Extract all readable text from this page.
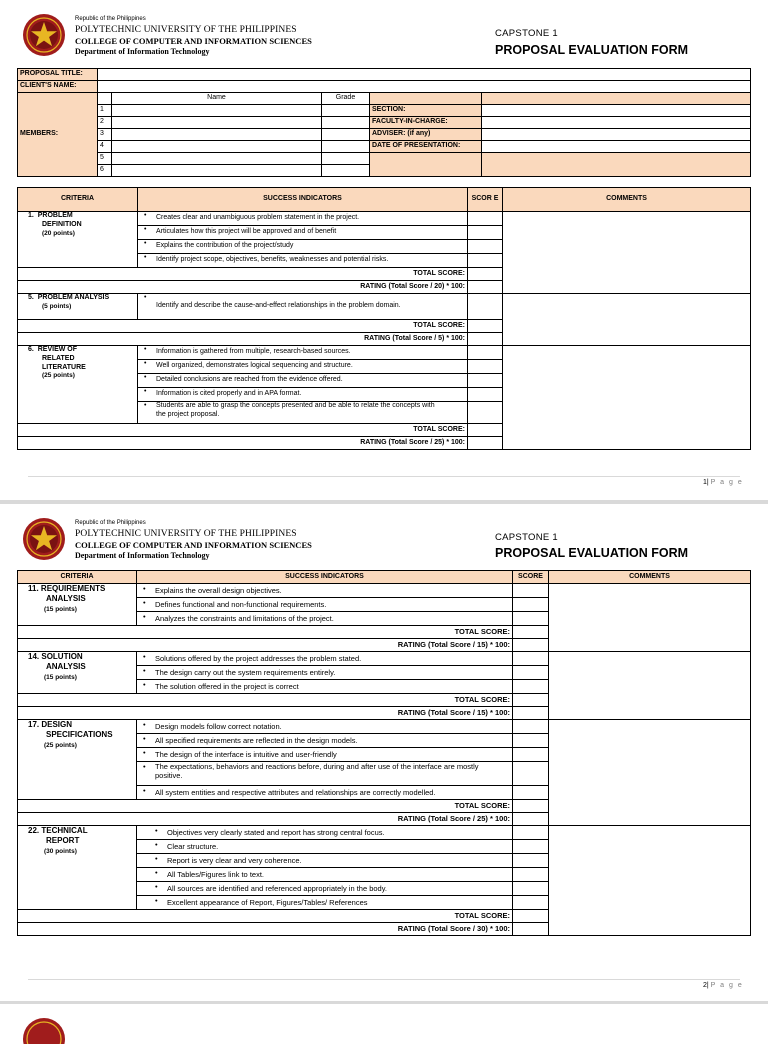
Republic of the Philippines
POLYTECHNIC UNIVERSITY OF THE PHILIPPINES
COLLEGE OF COMPUTER AND INFORMATION SCIENCES
Department of Information Technology
CAPSTONE 1
PROPOSAL EVALUATION FORM
PROPOSAL TITLE:					
CLIENT'S NAME:					
MEMBERS:		Name	Grade		
	1			SECTION:	
	2			FACULTY-IN-CHARGE:	
	3			ADVISER: (if any)	
	4			DATE OF PRESENTATION:	
	5				
	6				
CRITERIA	SUCCESS INDICATORS	SCOR E	COMMENTS
1. PROBLEM
DEFINITION
(20 points)	• Creates clear and unambiguous problem statement in the project.		
	• Articulates how this project will be approved and of benefit	
	• Explains the contribution of the project/study	
	• Identify project scope, objectives, benefits, weaknesses and potential risks.	
TOTAL SCORE:			
RATING (Total Score / 20) * 100:			
5. PROBLEM ANALYSIS
(5 points)	• Identify and describe the cause-and-effect relationships in the problem domain.		
TOTAL SCORE:			
RATING (Total Score / 5) * 100:			
6. REVIEW OF
RELATED
LITERATURE
(25 points)	• Information is gathered from multiple, research-based sources.		
	• Well organized, demonstrates logical sequencing and structure.	
	• Detailed conclusions are reached from the evidence offered.	
	• Information is cited properly and in APA format.	
	• Students are able to grasp the concepts presented and be able to relate the concepts with
the project proposal.	
TOTAL SCORE:			
RATING (Total Score / 25) * 100:			
1| P a g e
Republic of the Philippines
POLYTECHNIC UNIVERSITY OF THE PHILIPPINES
COLLEGE OF COMPUTER AND INFORMATION SCIENCES
Department of Information Technology
CAPSTONE 1
PROPOSAL EVALUATION FORM
CRITERIA	SUCCESS INDICATORS	SCORE	COMMENTS
11. REQUIREMENTS
ANALYSIS
(15 points)	• Explains the overall design objectives.		
	• Defines functional and non-functional requirements.	
	• Analyzes the constraints and limitations of the project.	
TOTAL SCORE:			
RATING (Total Score / 15) * 100:			
14. SOLUTION
ANALYSIS
(15 points)	• Solutions offered by the project addresses the problem stated.		
	• The design carry out the system requirements entirely.	
	• The solution offered in the project is correct	
TOTAL SCORE:			
RATING (Total Score / 15) * 100:			
17. DESIGN
SPECIFICATIONS
(25 points)	• Design models follow correct notation.		
	• All specified requirements are reflected in the design models.	
	• The design of the interface is intuitive and user-friendly	
	• The expectations, behaviors and reactions before, during and after use of the interface are mostly
positive.	
	• All system entities and respective attributes and relationships are correctly modelled.	
TOTAL SCORE:			
RATING (Total Score / 25) * 100:			
22. TECHNICAL
REPORT
(30 points)	• Objectives very clearly stated and report has strong central focus.		
	• Clear structure.	
	• Report is very clear and very coherence.	
	• All Tables/Figures link to text.	
	• All sources are identified and referenced appropriately in the body.	
	• Excellent appearance of Report, Figures/Tables/ References	
TOTAL SCORE:			
RATING (Total Score / 30) * 100:			
2| P a g e
